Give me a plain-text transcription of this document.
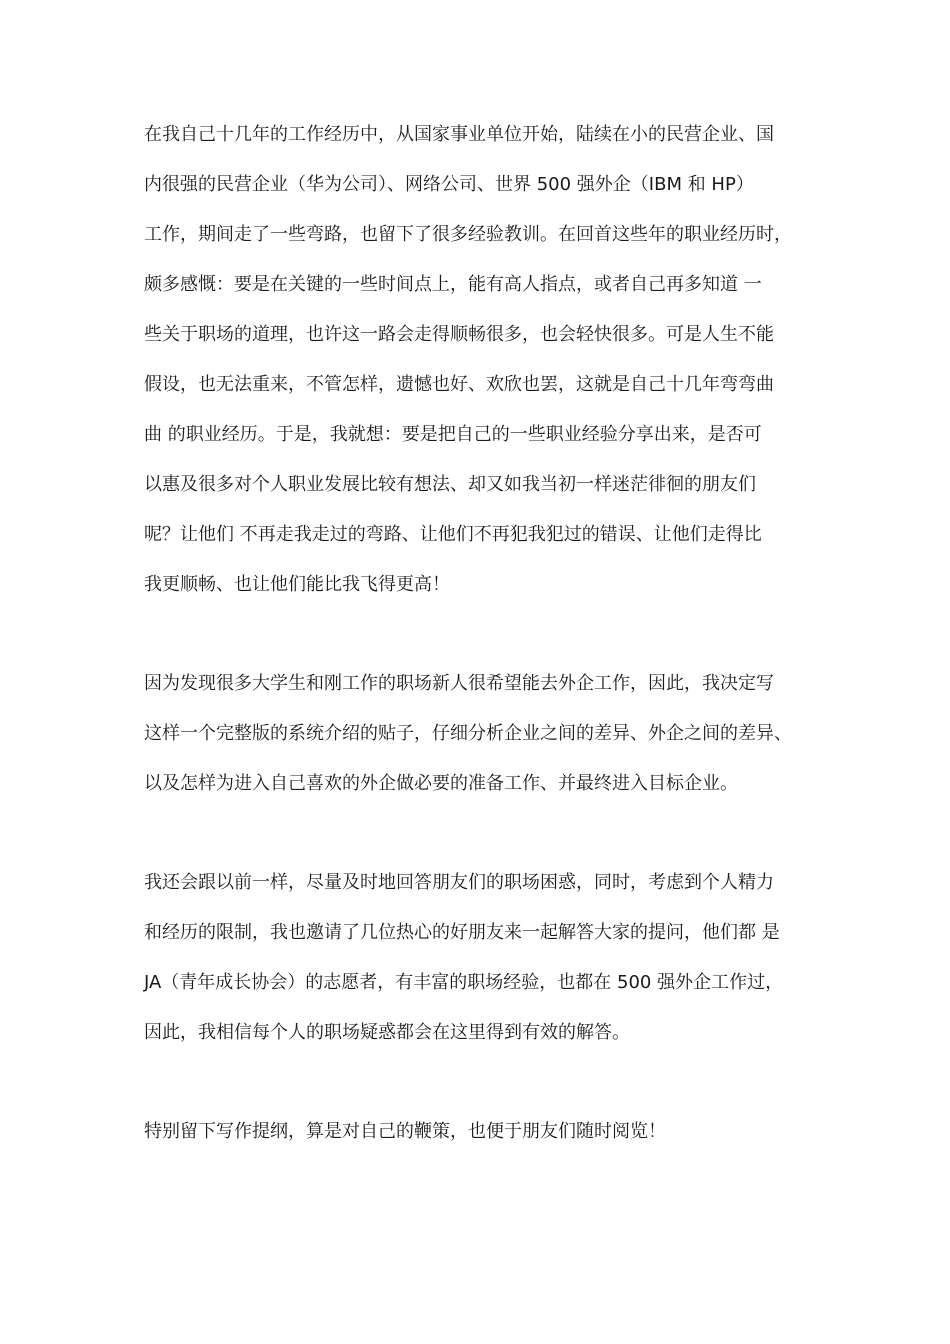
在我自己十几年的工作经历中，从国家事业单位开始，陆续在小的民营企业、国
内很强的民营企业（华为公司）、网络公司、世界 500 强外企（IBM 和 HP）
工作，期间走了一些弯路，也留下了很多经验教训。在回首这些年的职业经历时，
颇多感慨：要是在关键的一些时间点上，能有高人指点，或者自己再多知道 一
些关于职场的道理，也许这一路会走得顺畅很多，也会轻快很多。可是人生不能
假设，也无法重来，不管怎样，遗憾也好、欢欣也罢，这就是自己十几年弯弯曲
曲 的职业经历。于是，我就想：要是把自己的一些职业经验分享出来，是否可
以惠及很多对个人职业发展比较有想法、却又如我当初一样迷茫徘徊的朋友们
呢？让他们 不再走我走过的弯路、让他们不再犯我犯过的错误、让他们走得比
我更顺畅、也让他们能比我飞得更高！
因为发现很多大学生和刚工作的职场新人很希望能去外企工作，因此，我决定写
这样一个完整版的系统介绍的贴子，仔细分析企业之间的差异、外企之间的差异、
以及怎样为进入自己喜欢的外企做必要的准备工作、并最终进入目标企业。
我还会跟以前一样，尽量及时地回答朋友们的职场困惑，同时，考虑到个人精力
和经历的限制，我也邀请了几位热心的好朋友来一起解答大家的提问，他们都 是
JA（青年成长协会）的志愿者，有丰富的职场经验，也都在 500 强外企工作过，
因此，我相信每个人的职场疑惑都会在这里得到有效的解答。
特别留下写作提纲，算是对自己的鞭策，也便于朋友们随时阅览！
